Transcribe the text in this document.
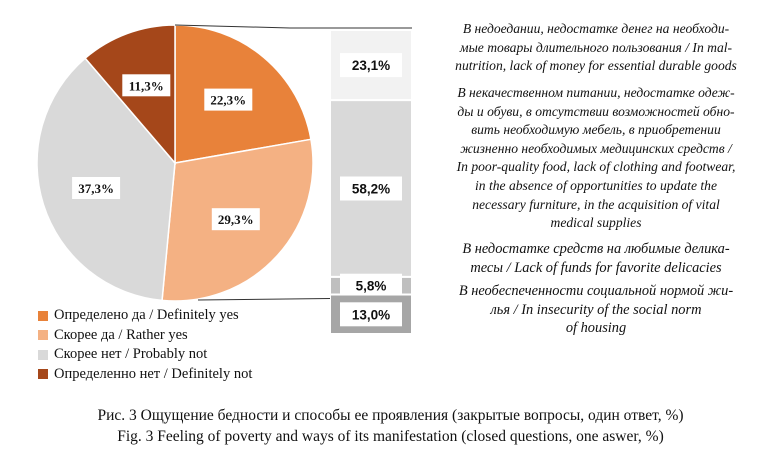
22,3%
29,3%
37,3%
11,3%
23,1%
58,2%
5,8%
13,0%
Определено да / Definitely yes
Скорее да / Rather yes
Скорее нет / Probably not
Определенно нет / Definitely not
В недоедании, недостатке денег на необходи-
мые товары длительного пользования / In mal-
nutrition, lack of money for essential durable goods
В некачественном питании, недостатке одеж-
ды и обуви, в отсутствии возможностей обно-
вить необходимую мебель, в приобретении
жизненно необходимых медицинских средств /
In poor-quality food, lack of clothing and footwear,
in the absence of opportunities to update the
necessary furniture, in the acquisition of vital
medical supplies
В недостатке средств на любимые делика-
тесы / Lack of funds for favorite delicacies
В необеспеченности социальной нормой жи-
лья / In insecurity of the social norm
of housing
Рис. 3 Ощущение бедности и способы ее проявления (закрытые вопросы, один ответ, %)
Fig. 3 Feeling of poverty and ways of its manifestation (closed questions, one aswer, %)
